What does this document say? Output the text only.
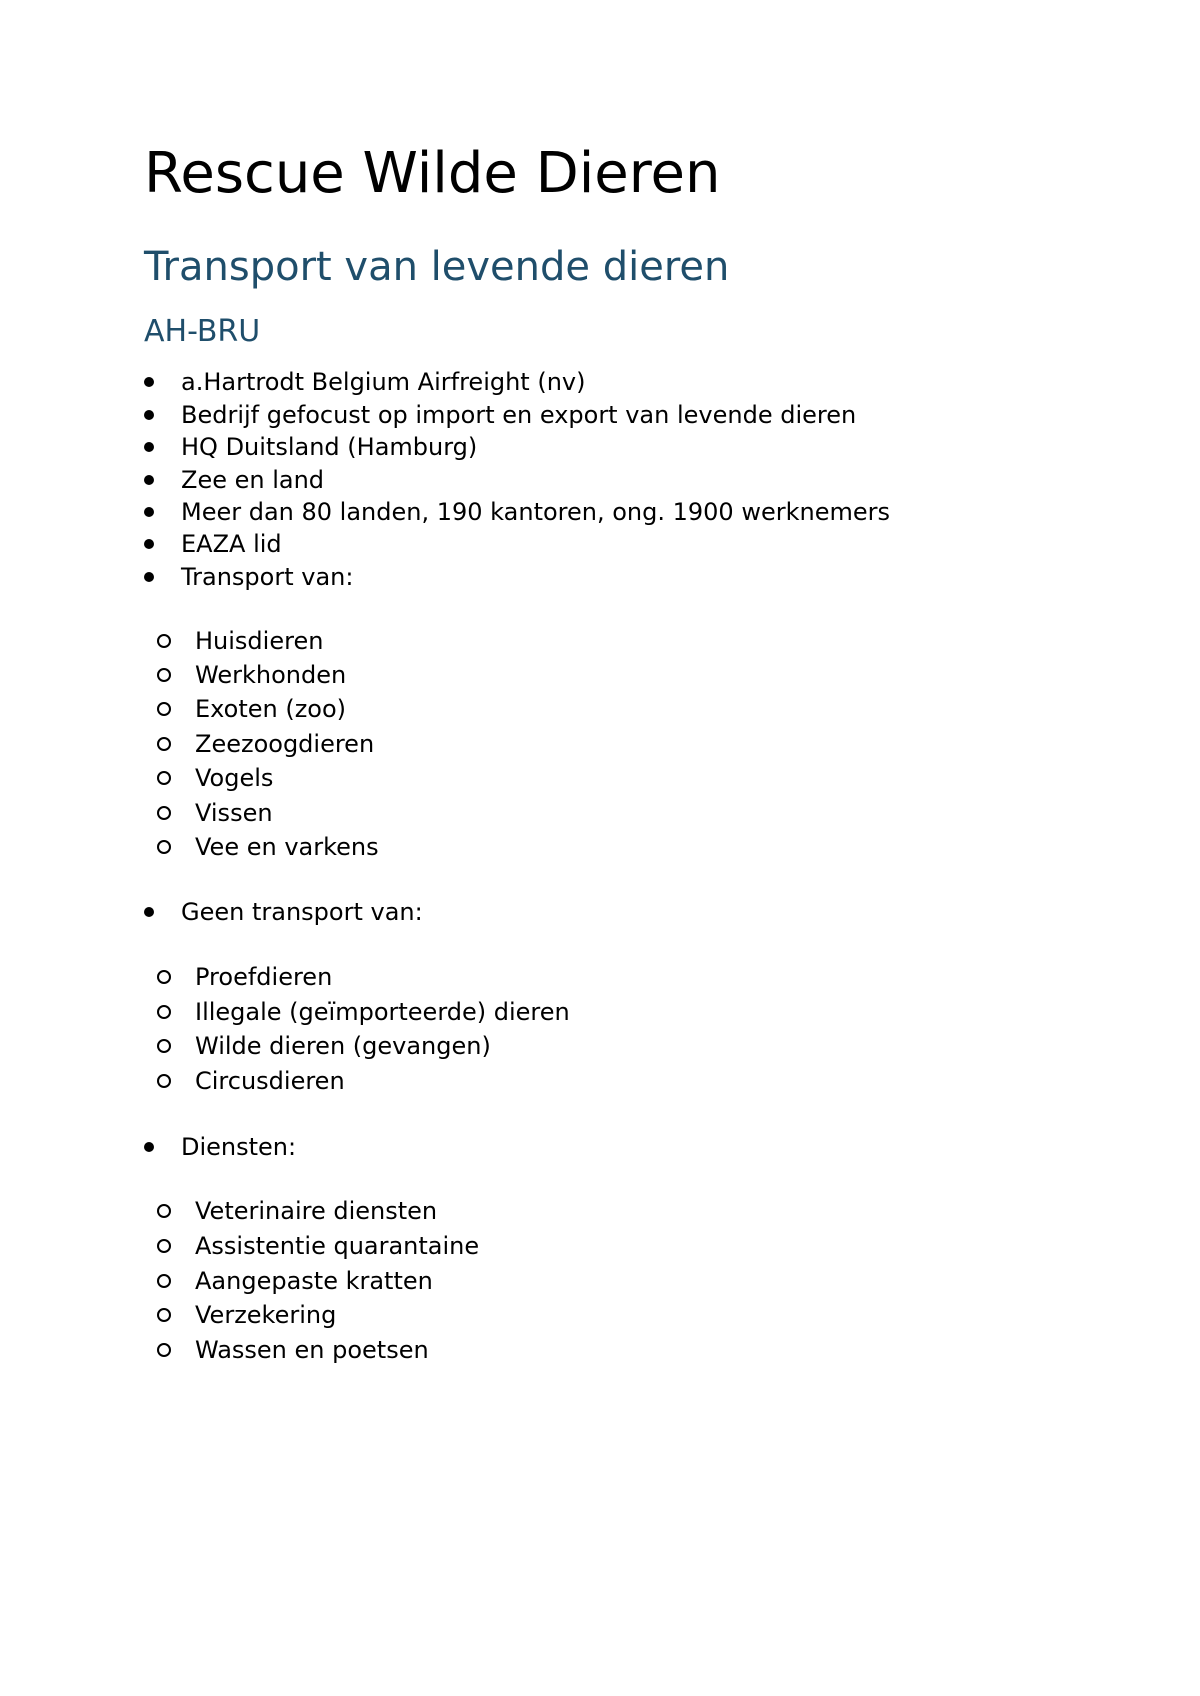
Rescue Wilde Dieren
Transport van levende dieren
AH-BRU
a.Hartrodt Belgium Airfreight (nv)
Bedrijf gefocust op import en export van levende dieren
HQ Duitsland (Hamburg)
Zee en land
Meer dan 80 landen, 190 kantoren, ong. 1900 werknemers
EAZA lid
Transport van:
Huisdieren
Werkhonden
Exoten (zoo)
Zeezoogdieren
Vogels
Vissen
Vee en varkens
Geen transport van:
Proefdieren
Illegale (geïmporteerde) dieren
Wilde dieren (gevangen)
Circusdieren
Diensten:
Veterinaire diensten
Assistentie quarantaine
Aangepaste kratten
Verzekering
Wassen en poetsen
